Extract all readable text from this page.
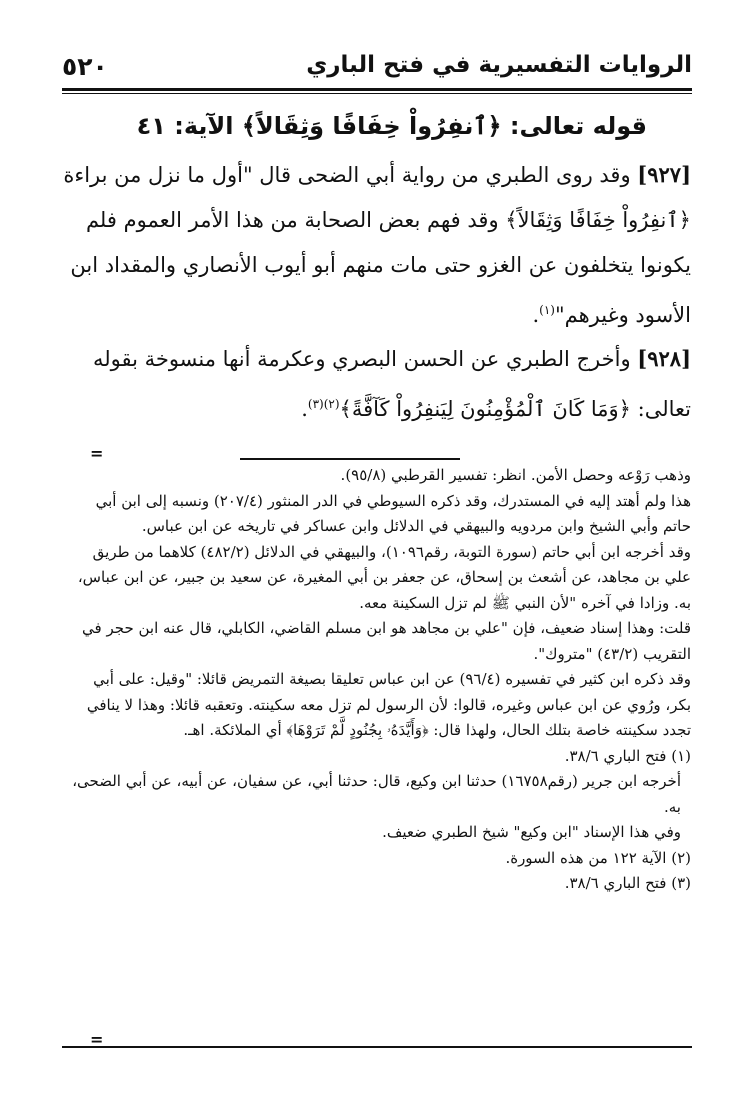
٥٢٠	الروايات التفسيرية في فتح الباري
قوله تعالى: ﴿ٱنفِرُواْ خِفَافًا وَثِقَالاً﴾ الآية: ٤١

[٩٢٧] وقد روى الطبري من رواية أبي الضحى قال "أول ما نزل من براءة ﴿ٱنفِرُواْ خِفَافًا وَثِقَالاً﴾ وقد فهم بعض الصحابة من هذا الأمر العموم فلم يكونوا يتخلفون عن الغزو حتى مات منهم أبو أيوب الأنصاري والمقداد ابن الأسود وغيرهم"$^{(١)}$.

[٩٢٨] وأخرج الطبري عن الحسن البصري وعكرمة أنها منسوخة بقوله تعالى: ﴿وَمَا كَانَ ٱلْمُؤْمِنُونَ لِيَنفِرُواْ كَآفَّةً﴾$^{(٢)(٣)}$.

=

وذهب رَوْعه وحصل الأمن. انظر: تفسير القرطبي (٩٥/٨).

هذا ولم أهتد إليه في المستدرك، وقد ذكره السيوطي في الدر المنثور (٢٠٧/٤) ونسبه إلى ابن أبي حاتم وأبي الشيخ وابن مردويه والبيهقي في الدلائل وابن عساكر في تاريخه عن ابن عباس.

وقد أخرجه ابن أبي حاتم (سورة التوبة، رقم١٠٩٦)، والبيهقي في الدلائل (٤٨٢/٢) كلاهما من طريق علي بن مجاهد، عن أشعث بن إسحاق، عن جعفر بن أبي المغيرة، عن سعيد بن جبير، عن ابن عباس، به. وزادا في آخره "لأن النبي ﷺ لم تزل السكينة معه.

قلت: وهذا إسناد ضعيف، فإن "علي بن مجاهد هو ابن مسلم القاضي، الكابلي، قال عنه ابن حجر في التقريب (٤٣/٢) "متروك".

وقد ذكره ابن كثير في تفسيره (٩٦/٤) عن ابن عباس تعليقا بصيغة التمريض قائلا: "وقيل: على أبي بكر، ورُوي عن ابن عباس وغيره، قالوا: لأن الرسول لم تزل معه سكينته. وتعقبه قائلا: وهذا لا ينافي تجدد سكينته خاصة بتلك الحال، ولهذا قال: ﴿وَأَيَّدَهُۥ بِجُنُودٍ لَّمْ تَرَوْهَا﴾ أي الملائكة. اهـ.

(١) فتح الباري ٣٨/٦.

أخرجه ابن جرير (رقم١٦٧٥٨) حدثنا ابن وكيع، قال: حدثنا أبي، عن سفيان، عن أبيه، عن أبي الضحى، به.

وفي هذا الإسناد "ابن وكيع" شيخ الطبري ضعيف.

(٢) الآية ١٢٢ من هذه السورة.

(٣) فتح الباري ٣٨/٦.

=
